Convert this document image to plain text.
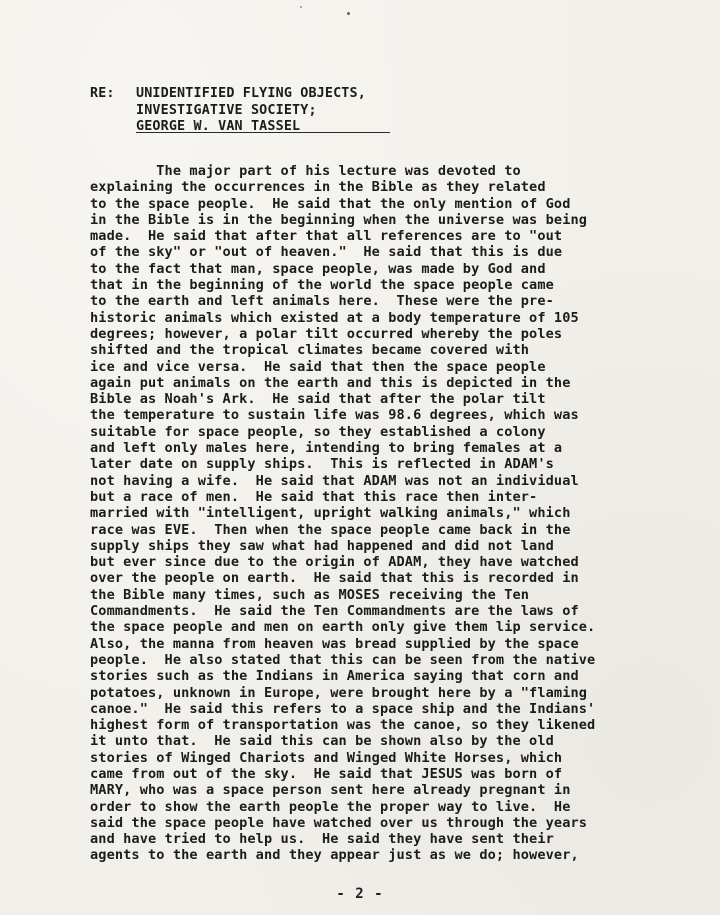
RE:	UNIDENTIFIED FLYING OBJECTS,
INVESTIGATIVE SOCIETY;
GEORGE W. VAN TASSEL
The major part of his lecture was devoted to
explaining the occurrences in the Bible as they related
to the space people.  He said that the only mention of God
in the Bible is in the beginning when the universe was being
made.  He said that after that all references are to "out
of the sky" or "out of heaven."  He said that this is due
to the fact that man, space people, was made by God and
that in the beginning of the world the space people came
to the earth and left animals here.  These were the pre-
historic animals which existed at a body temperature of 105
degrees; however, a polar tilt occurred whereby the poles
shifted and the tropical climates became covered with
ice and vice versa.  He said that then the space people
again put animals on the earth and this is depicted in the
Bible as Noah's Ark.  He said that after the polar tilt
the temperature to sustain life was 98.6 degrees, which was
suitable for space people, so they established a colony
and left only males here, intending to bring females at a
later date on supply ships.  This is reflected in ADAM's
not having a wife.  He said that ADAM was not an individual
but a race of men.  He said that this race then inter-
married with "intelligent, upright walking animals," which
race was EVE.  Then when the space people came back in the
supply ships they saw what had happened and did not land
but ever since due to the origin of ADAM, they have watched
over the people on earth.  He said that this is recorded in
the Bible many times, such as MOSES receiving the Ten
Commandments.  He said the Ten Commandments are the laws of
the space people and men on earth only give them lip service.
Also, the manna from heaven was bread supplied by the space
people.  He also stated that this can be seen from the native
stories such as the Indians in America saying that corn and
potatoes, unknown in Europe, were brought here by a "flaming
canoe."  He said this refers to a space ship and the Indians'
highest form of transportation was the canoe, so they likened
it unto that.  He said this can be shown also by the old
stories of Winged Chariots and Winged White Horses, which
came from out of the sky.  He said that JESUS was born of
MARY, who was a space person sent here already pregnant in
order to show the earth people the proper way to live.  He
said the space people have watched over us through the years
and have tried to help us.  He said they have sent their
agents to the earth and they appear just as we do; however,
- 2 -
